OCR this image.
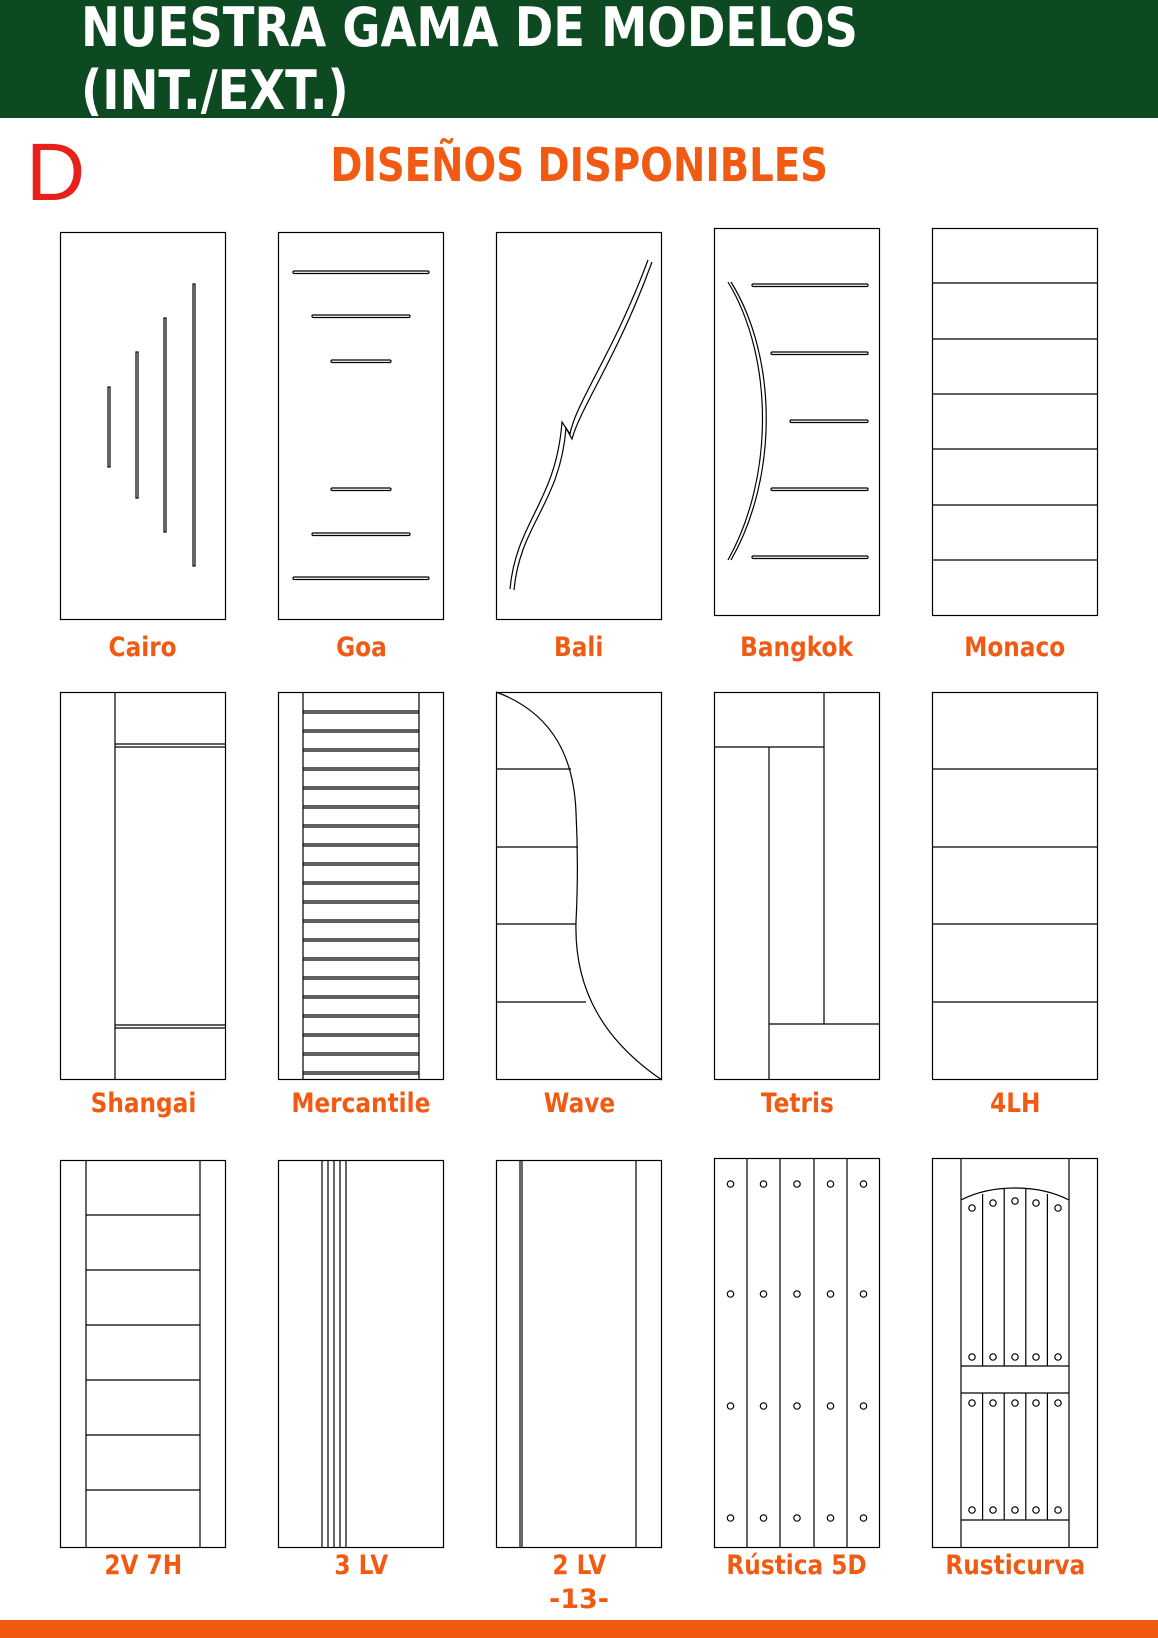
NUESTRA GAMA DE MODELOS (INT./EXT.)
D	DISEÑOS DISPONIBLES
Cairo	Goa	Bali	Bangkok	Monaco
Shangai	Mercantile	Wave	Tetris	4LH
2V 7H	3 LV	2 LV	Rústica 5D	Rusticurva
-13-
